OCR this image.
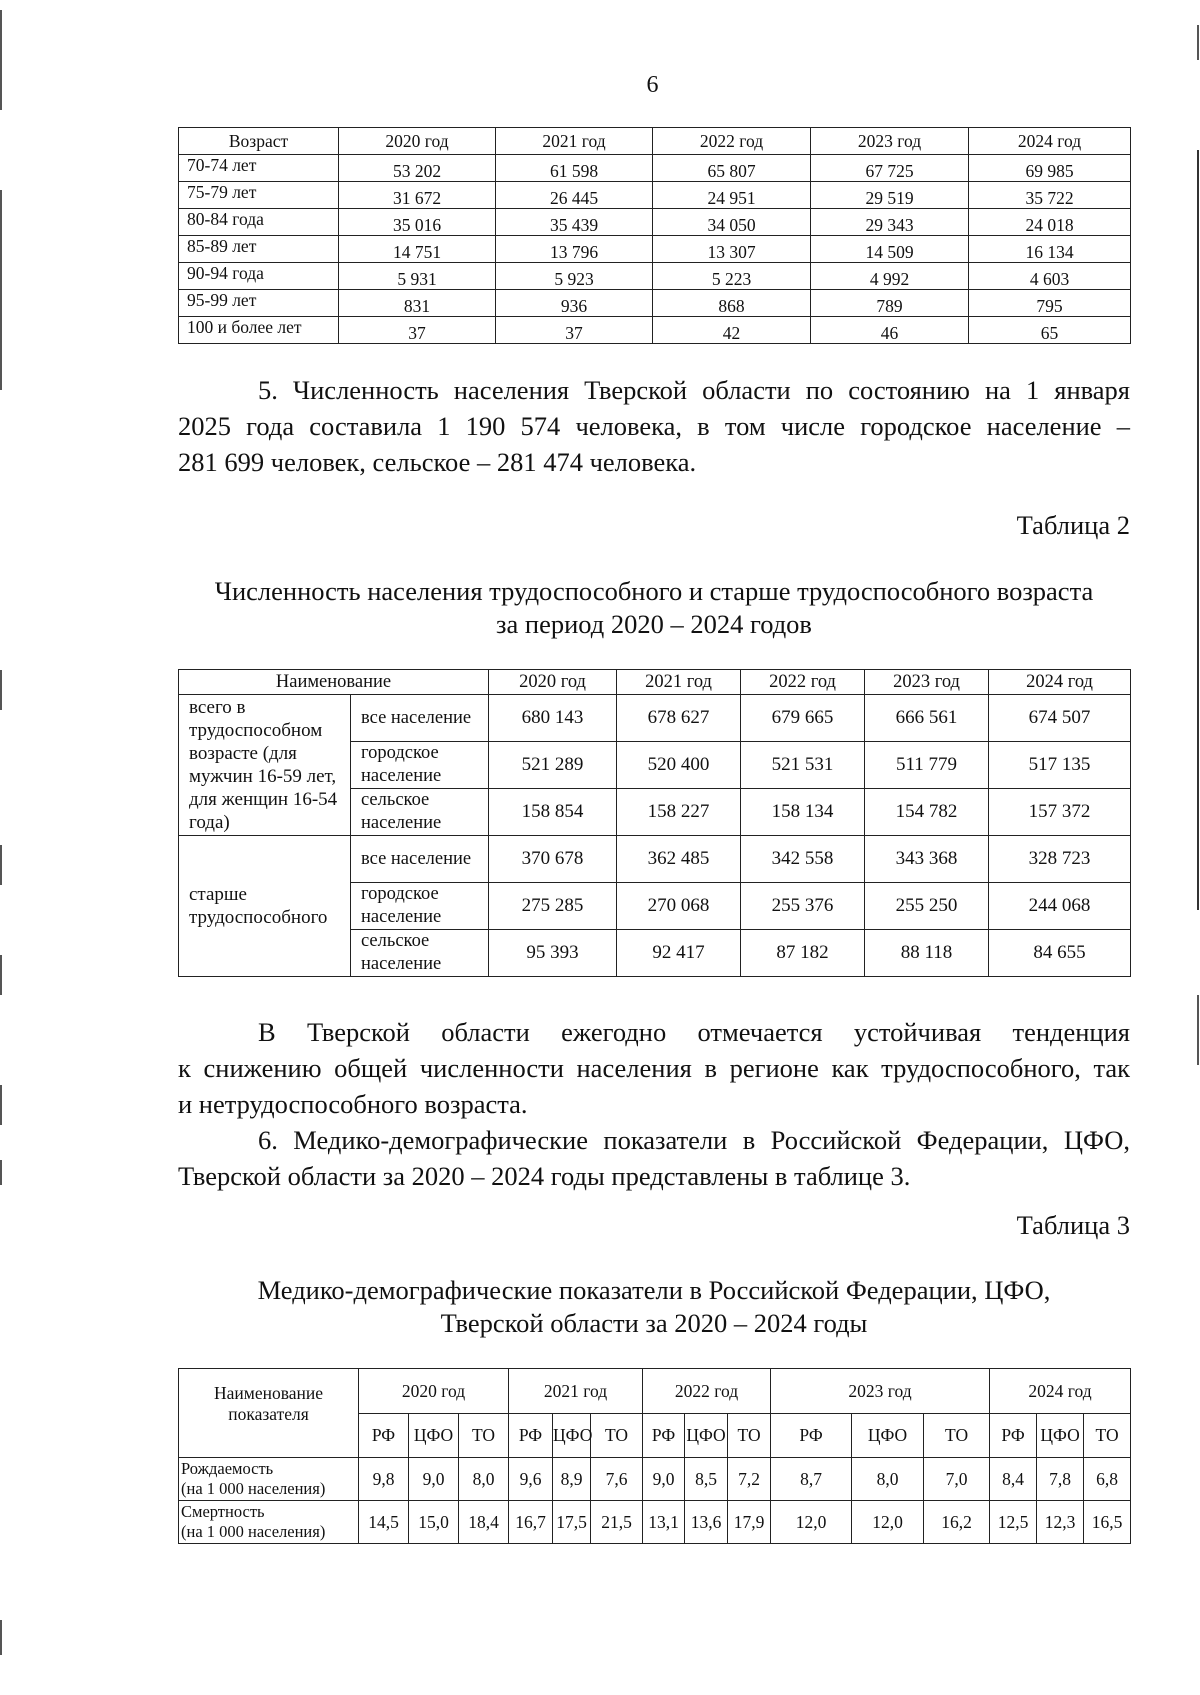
6
Возраст	2020 год	2021 год	2022 год	2023 год	2024 год
70-74 лет	53 202	61 598	65 807	67 725	69 985
75-79 лет	31 672	26 445	24 951	29 519	35 722
80-84 года	35 016	35 439	34 050	29 343	24 018
85-89 лет	14 751	13 796	13 307	14 509	16 134
90-94 года	5 931	5 923	5 223	4 992	4 603
95-99 лет	831	936	868	789	795
100 и более лет	37	37	42	46	65
5. Численность населения Тверской области по состоянию на 1 января
2025 года составила 1 190 574 человека, в том числе городское население –
281 699 человек, сельское – 281 474 человека.
Таблица 2
Численность населения трудоспособного и старше трудоспособного возраста
за период 2020 – 2024 годов
Наименование		2020 год	2021 год	2022 год	2023 год	2024 год
всего в трудоспособном возрасте (для мужчин 16-59 лет, для женщин 16-54 года)	все население	680 143	678 627	679 665	666 561	674 507
	городское население	521 289	520 400	521 531	511 779	517 135
	сельское население	158 854	158 227	158 134	154 782	157 372
старше трудоспособного	все население	370 678	362 485	342 558	343 368	328 723
	городское население	275 285	270 068	255 376	255 250	244 068
	сельское население	95 393	92 417	87 182	88 118	84 655
В Тверской области ежегодно отмечается устойчивая тенденция
к снижению общей численности населения в регионе как трудоспособного, так
и нетрудоспособного возраста.
6. Медико-демографические показатели в Российской Федерации, ЦФО,
Тверской области за 2020 – 2024 годы представлены в таблице 3.
Таблица 3
Медико-демографические показатели в Российской Федерации, ЦФО,
Тверской области за 2020 – 2024 годы
Наименование показателя	2020 год			2021 год			2022 год			2023 год			2024 год		
	РФ	ЦФО	ТО	РФ	ЦФО	ТО	РФ	ЦФО	ТО	РФ	ЦФО	ТО	РФ	ЦФО	ТО

Рождаемость
(на 1 000 населения)	9,8	9,0	8,0	9,6	8,9	7,6	9,0	8,5	7,2	8,7	8,0	7,0	8,4	7,8	6,8

Смертность
(на 1 000 населения)	14,5	15,0	18,4	16,7	17,5	21,5	13,1	13,6	17,9	12,0	12,0	16,2	12,5	12,3	16,5
